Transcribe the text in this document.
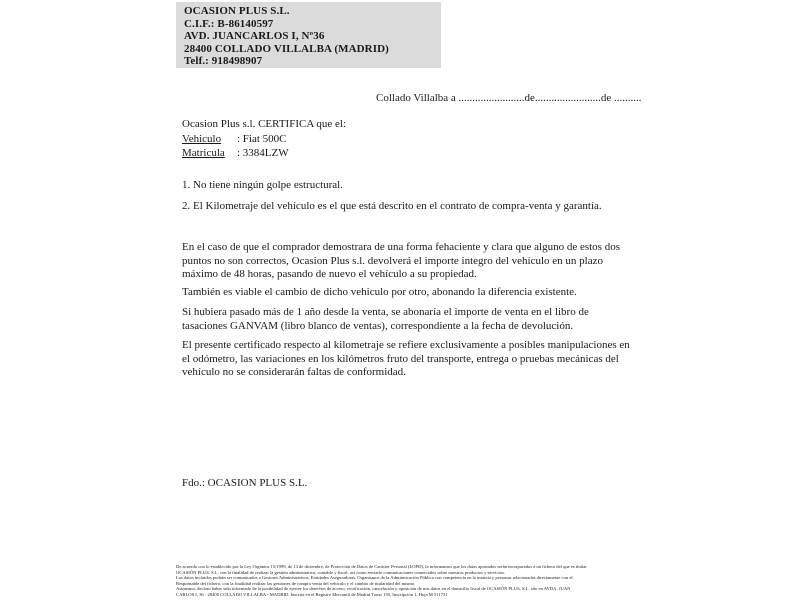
OCASION PLUS S.L.
C.I.F.: B-86140597
AVD. JUANCARLOS I, Nº36
28400 COLLADO VILLALBA (MADRID)
Telf.: 918498907
Collado Villalba a ........................de........................de ..........
Ocasion Plus s.l. CERTIFICA que el:
Vehiculo : Fiat 500C
Matricula : 3384LZW
1. No tiene ningún golpe estructural.
2. El Kilometraje del vehículo es el que está descrito en el contrato de compra-venta y garantía.
En el caso de que el comprador demostrara de una forma fehaciente y clara que alguno de estos dos puntos no son correctos, Ocasion Plus s.l. devolverá el importe integro del vehículo en un plazo máximo de 48 horas, pasando de nuevo el vehículo a su propiedad.
También es viable el cambio de dicho vehiculo por otro, abonando la diferencia existente.
Si hubiera pasado más de 1 año desde la venta, se abonaría el importe de venta en el libro de tasaciones GANVAM (libro blanco de ventas), correspondiente a la fecha de devolución.
El presente certificado respecto al kilometraje se refiere exclusivamente a posibles manipulaciones en el odómetro, las variaciones en los kilómetros fruto del transporte, entrega o pruebas mecánicas del vehículo no se considerarán faltas de conformidad.
Fdo.: OCASION PLUS S.L.
De acuerdo con lo establecido por la Ley Orgánica 15/1999, de 13 de diciembre, de Protección de Datos de Carácter Personal (LOPD), le informamos que los datos aportados serán incorporados a un fichero del que es titular
OCASIÓN PLUS, S.L. con la finalidad de realizar la gestión administrativa, contable y fiscal, así como enviarle comunicaciones comerciales sobre nuestros productos y servicios.
Los datos incluidos podrán ser comunicados a Gestores Administrativos, Entidades Aseguradoras, Organismos de la Administración Pública con competencia en la materia y personas relacionadas directamente con el
Responsable del fichero, con la finalidad realizar las gestiones de compra venta del vehículo y el cambio de titularidad del mismo.
Asimismo, declaro haber sido informado de la posibilidad de ejercer los derechos de acceso, rectificación, cancelación y oposición de mis datos en el domicilio fiscal de OCASIÓN PLUS, S.L. sito en AVDA. JUAN
CARLOS I, 36 - 28400 COLLADO VILLALBA - MADRID. Inscrita en el Registro Mercantil de Madrid Tomo 150, Inscripción 1, Hoja M 511731
